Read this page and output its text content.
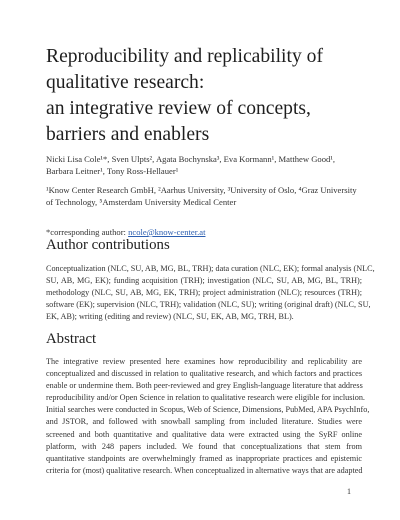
Reproducibility and replicability of
qualitative research:
an integrative review of concepts,
barriers and enablers
Nicki Lisa Cole¹*, Sven Ulpts², Agata Bochynska³, Eva Kormann¹, Matthew Good¹, Barbara Leitner¹, Tony Ross-Hellauer¹
¹Know Center Research GmbH, ²Aarhus University, ³University of Oslo, ⁴Graz University of Technology, ⁵Amsterdam University Medical Center
*corresponding author: ncole@know-center.at
Author contributions
Conceptualization (NLC, SU, AB, MG, BL, TRH); data curation (NLC, EK); formal analysis (NLC,
SU, AB, MG, EK); funding acquisition (TRH); investigation (NLC, SU, AB, MG, BL, TRH);
methodology (NLC, SU, AB, MG, EK, TRH); project administration (NLC); resources (TRH);
software (EK); supervision (NLC, TRH); validation (NLC, SU); writing (original draft) (NLC, SU,
EK, AB); writing (editing and review) (NLC, SU, EK, AB, MG, TRH, BL).
Abstract
The integrative review presented here examines how reproducibility and replicability are
conceptualized and discussed in relation to qualitative research, and which factors and practices
enable or undermine them. Both peer-reviewed and grey English-language literature that address
reproducibility and/or Open Science in relation to qualitative research were eligible for inclusion.
Initial searches were conducted in Scopus, Web of Science, Dimensions, PubMed, APA PsychInfo,
and JSTOR, and followed with snowball sampling from included literature. Studies were
screened and both quantitative and qualitative data were extracted using the SyRF online
platform, with 248 papers included. We found that conceptualizations that stem from
quantitative standpoints are overwhelmingly framed as inappropriate practices and epistemic
criteria for (most) qualitative research. When conceptualized in alternative ways that are adapted
1
